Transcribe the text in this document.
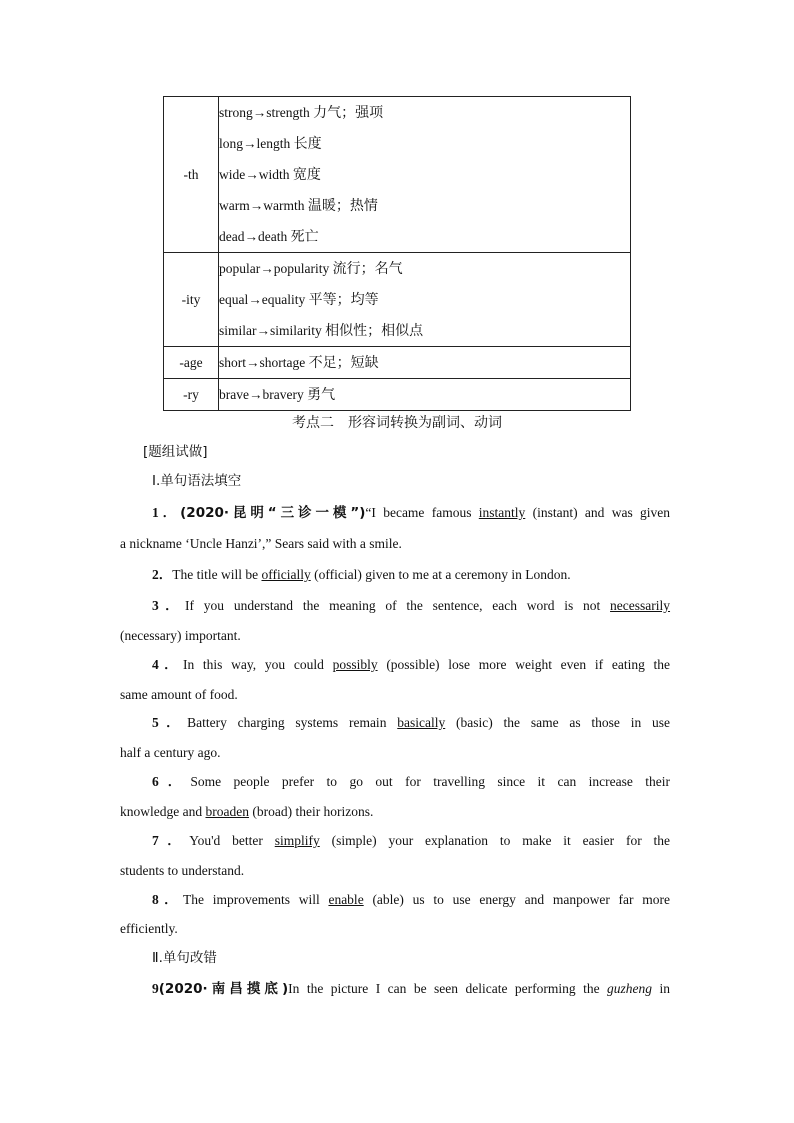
-th	strong→strength 力气；强项
long→length 长度
wide→width 宽度
warm→warmth 温暖；热情
dead→death 死亡

-ity	popular→popularity 流行；名气
equal→equality 平等；均等
similar→similarity 相似性；相似点

-age	short→shortage 不足；短缺

-ry	brave→bravery 勇气
考点二　形容词转换为副词、动词
[题组试做]
Ⅰ.单句语法填空
1．(2020·昆明“三诊一模”)“I became famous instantly (instant) and was given
a nickname ‘Uncle Hanzi’,” Sears said with a smile.
2．The title will be officially (official) given to me at a ceremony in London.
3．If you understand the meaning of the sentence, each word is not necessarily
(necessary) important.
4．In this way, you could possibly (possible) lose more weight even if eating the
same amount of food.
5．Battery charging systems remain basically (basic) the same as those in use
half a century ago.
6．Some people prefer to go out for travelling since it can increase their
knowledge and broaden (broad) their horizons.
7．You'd better simplify (simple) your explanation to make it easier for the
students to understand.
8．The improvements will enable (able) us to use energy and manpower far more
efficiently.
Ⅱ.单句改错
9(2020·南昌摸底)In the picture I can be seen delicate performing the guzheng in
